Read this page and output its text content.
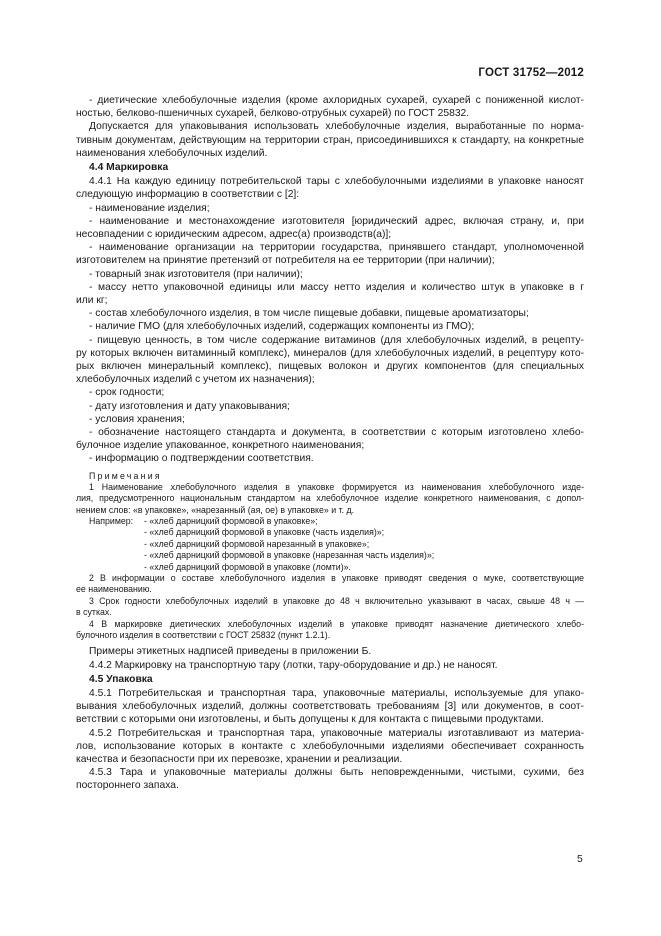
ГОСТ 31752—2012

- диетические хлебобулочные изделия (кроме ахлоридных сухарей, сухарей с пониженной кислот-

ностью, белково-пшеничных сухарей, белково-отрубных сухарей) по ГОСТ 25832.

Допускается для упаковывания использовать хлебобулочные изделия, выработанные по норма-

тивным документам, действующим на территории стран, присоединившихся к стандарту, на конкретные

наименования хлебобулочных изделий.

4.4 Маркировка

4.4.1 На каждую единицу потребительской тары с хлебобулочными изделиями в упаковке наносят

следующую информацию в соответствии с [2]:

- наименование изделия;

- наименование и местонахождение изготовителя [юридический адрес, включая страну, и, при

несовпадении с юридическим адресом, адрес(а) производств(а)];

- наименование организации на территории государства, принявшего стандарт, уполномоченной

изготовителем на принятие претензий от потребителя на ее территории (при наличии);

- товарный знак изготовителя (при наличии);

- массу нетто упаковочной единицы или массу нетто изделия и количество штук в упаковке в г

или кг;

- состав хлебобулочного изделия, в том числе пищевые добавки, пищевые ароматизаторы;

- наличие ГМО (для хлебобулочных изделий, содержащих компоненты из ГМО);

- пищевую ценность, в том числе содержание витаминов (для хлебобулочных изделий, в рецепту-

ру которых включен витаминный комплекс), минералов (для хлебобулочных изделий, в рецептуру кото-

рых включен минеральный комплекс), пищевых волокон и других компонентов (для специальных

хлебобулочных изделий с учетом их назначения);

- срок годности;

- дату изготовления и дату упаковывания;

- условия хранения;

- обозначение настоящего стандарта и документа, в соответствии с которым изготовлено хлебо-

булочное изделие упакованное, конкретного наименования;

- информацию о подтверждении соответствия.

Примечания

1 Наименование хлебобулочного изделия в упаковке формируется из наименования хлебобулочного изде-

лия, предусмотренного национальным стандартом на хлебобулочное изделие конкретного наименования, с допол-

нением слов: «в упаковке», «нарезанный (ая, ое) в упаковке» и т. д.

Например: - «хлеб дарницкий формовой в упаковке»;

- «хлеб дарницкий формовой в упаковке (часть изделия)»;

- «хлеб дарницкий формовой нарезанный в упаковке»;

- «хлеб дарницкий формовой в упаковке (нарезанная часть изделия)»;

- «хлеб дарницкий формовой в упаковке (ломти)».

2 В информации о составе хлебобулочного изделия в упаковке приводят сведения о муке, соответствующие

ее наименованию.

3 Срок годности хлебобулочных изделий в упаковке до 48 ч включительно указывают в часах, свыше 48 ч —

в сутках.

4 В маркировке диетических хлебобулочных изделий в упаковке приводят назначение диетического хлебо-

булочного изделия в соответствии с ГОСТ 25832 (пункт 1.2.1).

Примеры этикетных надписей приведены в приложении Б.

4.4.2 Маркировку на транспортную тару (лотки, тару-оборудование и др.) не наносят.

4.5 Упаковка

4.5.1 Потребительская и транспортная тара, упаковочные материалы, используемые для упако-

вывания хлебобулочных изделий, должны соответствовать требованиям [3] или документов, в соот-

ветствии с которыми они изготовлены, и быть допущены к для контакта с пищевыми продуктами.

4.5.2 Потребительская и транспортная тара, упаковочные материалы изготавливают из материа-

лов, использование которых в контакте с хлебобулочными изделиями обеспечивает сохранность

качества и безопасности при их перевозке, хранении и реализации.

4.5.3 Тара и упаковочные материалы должны быть неповрежденными, чистыми, сухими, без

постороннего запаха.

5
